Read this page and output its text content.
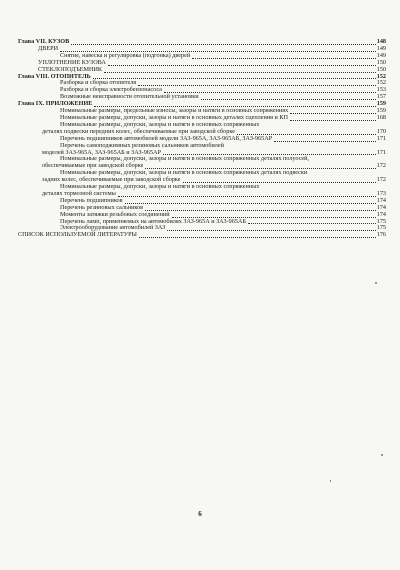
Глава VII. КУЗОВ	148
ДВЕРИ	149
Снятие, навеска и регулировка (подгонка) дверей	149
УПЛОТНЕНИЕ КУЗОВА	150
СТЕКЛОПОДЪЕМНИК	150
Глава VIII. ОТОПИТЕЛЬ	152
Разборка и сборка отопителя	152
Разборка и сборка электробензонасоса	153
Возможные неисправности отопительной установки	157
Глава IX. ПРИЛОЖЕНИЕ	159
Номинальные размеры, предельные износы, зазоры и натяги в основных сопряжениях	159
Номинальные размеры, допуски, зазоры и натяги в основных деталях сцепления и КП	168
Номинальные размеры, допуски, зазоры и натяги в основных сопряженных
деталях подвески передних колес, обеспечиваемые при заводской сборке	170
Перечень подшипников автомобилей модели ЗАЗ-965А, ЗАЗ-965АБ, ЗАЗ-965АР	171
Перечень самоподжимных резиновых сальников автомобилей
моделей ЗАЗ-965А, ЗАЗ-965АБ и ЗАЗ-965АР	171
Номинальные размеры, допуски, зазоры и натяги в основных сопряженных деталях полуосей,
обеспечиваемые при заводской сборке	172
Номинальные размеры, допуски, зазоры и натяги в основных сопряженных деталях подвески
задних колес, обеспечиваемые при заводской сборке	172
Номинальные размеры, допуски, зазоры и натяги в основных сопряженных
деталях тормозной системы	173
Перечень подшипников	174
Перечень резиновых сальников	174
Моменты затяжки резьбовых соединений	174
Перечень ламп, применяемых на автомобилях ЗАЗ-965А и ЗАЗ-965АБ	175
Электрооборудование автомобилей ЗАЗ	175
СПИСОК ИСПОЛЬЗУЕМОЙ ЛИТЕРАТУРЫ	176
6
